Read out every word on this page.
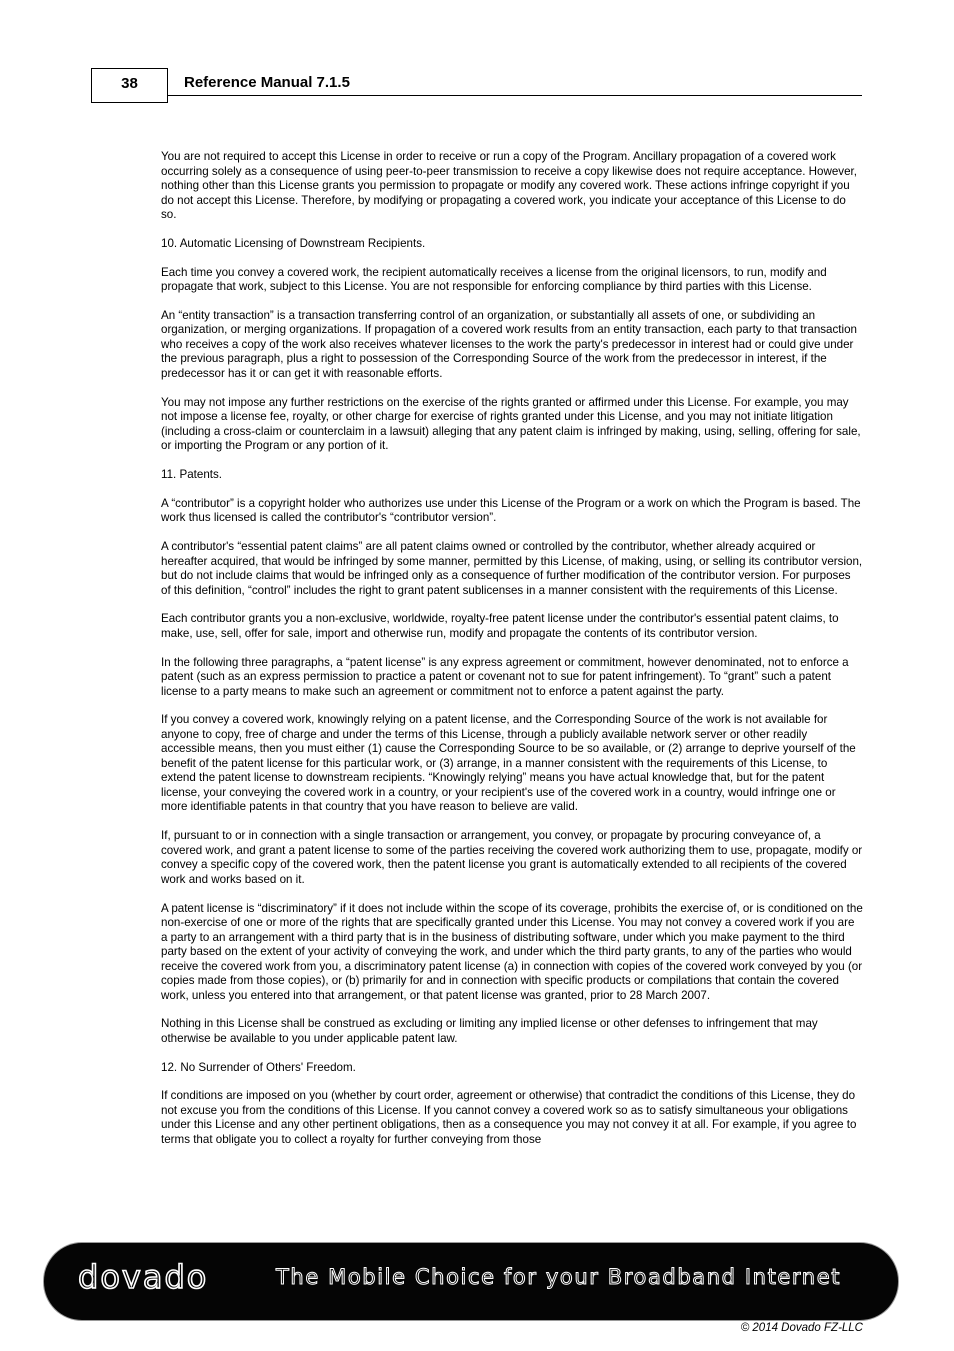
38	Reference Manual 7.1.5

You are not required to accept this License in order to receive or run a copy of the Program. Ancillary propagation of a covered work occurring solely as a consequence of using peer-to-peer transmission to receive a copy likewise does not require acceptance. However, nothing other than this License grants you permission to propagate or modify any covered work. These actions infringe copyright if you do not accept this License. Therefore, by modifying or propagating a covered work, you indicate your acceptance of this License to do so.

10. Automatic Licensing of Downstream Recipients.

Each time you convey a covered work, the recipient automatically receives a license from the original licensors, to run, modify and propagate that work, subject to this License. You are not responsible for enforcing compliance by third parties with this License.

An “entity transaction” is a transaction transferring control of an organization, or substantially all assets of one, or subdividing an organization, or merging organizations. If propagation of a covered work results from an entity transaction, each party to that transaction who receives a copy of the work also receives whatever licenses to the work the party's predecessor in interest had or could give under the previous paragraph, plus a right to possession of the Corresponding Source of the work from the predecessor in interest, if the predecessor has it or can get it with reasonable efforts.

You may not impose any further restrictions on the exercise of the rights granted or affirmed under this License. For example, you may not impose a license fee, royalty, or other charge for exercise of rights granted under this License, and you may not initiate litigation (including a cross-claim or counterclaim in a lawsuit) alleging that any patent claim is infringed by making, using, selling, offering for sale, or importing the Program or any portion of it.

11. Patents.

A “contributor” is a copyright holder who authorizes use under this License of the Program or a work on which the Program is based. The work thus licensed is called the contributor's “contributor version”.

A contributor's “essential patent claims” are all patent claims owned or controlled by the contributor, whether already acquired or hereafter acquired, that would be infringed by some manner, permitted by this License, of making, using, or selling its contributor version, but do not include claims that would be infringed only as a consequence of further modification of the contributor version. For purposes of this definition, “control” includes the right to grant patent sublicenses in a manner consistent with the requirements of this License.

Each contributor grants you a non-exclusive, worldwide, royalty-free patent license under the contributor's essential patent claims, to make, use, sell, offer for sale, import and otherwise run, modify and propagate the contents of its contributor version.

In the following three paragraphs, a “patent license” is any express agreement or commitment, however denominated, not to enforce a patent (such as an express permission to practice a patent or covenant not to sue for patent infringement). To “grant” such a patent license to a party means to make such an agreement or commitment not to enforce a patent against the party.

If you convey a covered work, knowingly relying on a patent license, and the Corresponding Source of the work is not available for anyone to copy, free of charge and under the terms of this License, through a publicly available network server or other readily accessible means, then you must either (1) cause the Corresponding Source to be so available, or (2) arrange to deprive yourself of the benefit of the patent license for this particular work, or (3) arrange, in a manner consistent with the requirements of this License, to extend the patent license to downstream recipients. “Knowingly relying” means you have actual knowledge that, but for the patent license, your conveying the covered work in a country, or your recipient's use of the covered work in a country, would infringe one or more identifiable patents in that country that you have reason to believe are valid.

If, pursuant to or in connection with a single transaction or arrangement, you convey, or propagate by procuring conveyance of, a covered work, and grant a patent license to some of the parties receiving the covered work authorizing them to use, propagate, modify or convey a specific copy of the covered work, then the patent license you grant is automatically extended to all recipients of the covered work and works based on it.

A patent license is “discriminatory” if it does not include within the scope of its coverage, prohibits the exercise of, or is conditioned on the non-exercise of one or more of the rights that are specifically granted under this License. You may not convey a covered work if you are a party to an arrangement with a third party that is in the business of distributing software, under which you make payment to the third party based on the extent of your activity of conveying the work, and under which the third party grants, to any of the parties who would receive the covered work from you, a discriminatory patent license (a) in connection with copies of the covered work conveyed by you (or copies made from those copies), or (b) primarily for and in connection with specific products or compilations that contain the covered work, unless you entered into that arrangement, or that patent license was granted, prior to 28 March 2007.

Nothing in this License shall be construed as excluding or limiting any implied license or other defenses to infringement that may otherwise be available to you under applicable patent law.

12. No Surrender of Others' Freedom.

If conditions are imposed on you (whether by court order, agreement or otherwise) that contradict the conditions of this License, they do not excuse you from the conditions of this License. If you cannot convey a covered work so as to satisfy simultaneous your obligations under this License and any other pertinent obligations, then as a consequence you may not convey it at all. For example, if you agree to terms that obligate you to collect a royalty for further conveying from those

dovado	The Mobile Choice for your Broadband Internet
© 2014 Dovado FZ-LLC
